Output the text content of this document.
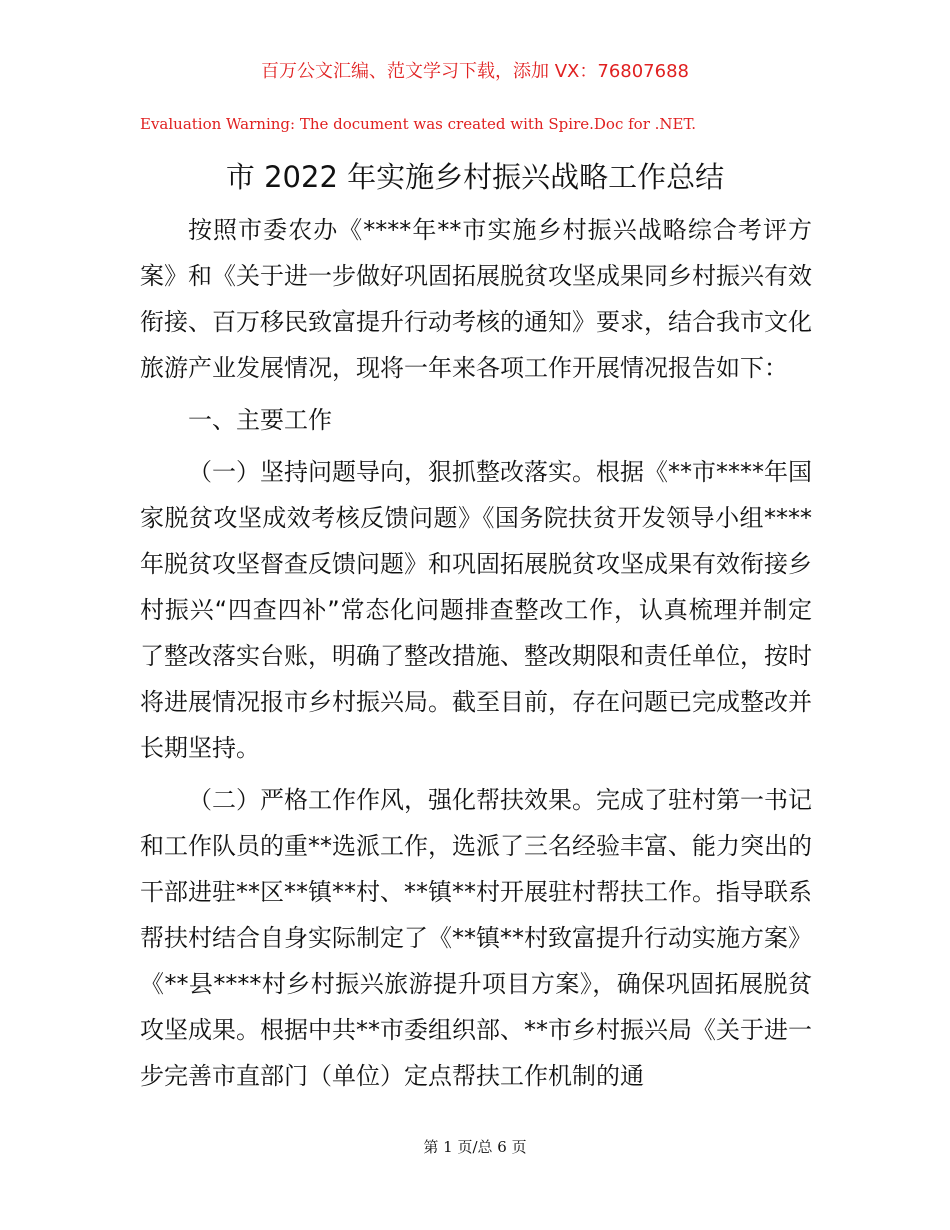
百万公文汇编、范文学习下载，添加 VX：76807688
Evaluation Warning: The document was created with Spire.Doc for .NET.
市 2022 年实施乡村振兴战略工作总结

按照市委农办《****年**市实施乡村振兴战略综合考评方案》和《关于进一步做好巩固拓展脱贫攻坚成果同乡村振兴有效衔接、百万移民致富提升行动考核的通知》要求，结合我市文化旅游产业发展情况，现将一年来各项工作开展情况报告如下：

一、主要工作

（一）坚持问题导向，狠抓整改落实。根据《**市****年国家脱贫攻坚成效考核反馈问题》《国务院扶贫开发领导小组****年脱贫攻坚督查反馈问题》和巩固拓展脱贫攻坚成果有效衔接乡村振兴“四查四补”常态化问题排查整改工作，认真梳理并制定了整改落实台账，明确了整改措施、整改期限和责任单位，按时将进展情况报市乡村振兴局。截至目前，存在问题已完成整改并长期坚持。

（二）严格工作作风，强化帮扶效果。完成了驻村第一书记和工作队员的重**选派工作，选派了三名经验丰富、能力突出的干部进驻**区**镇**村、**镇**村开展驻村帮扶工作。指导联系帮扶村结合自身实际制定了《**镇**村致富提升行动实施方案》《**县****村乡村振兴旅游提升项目方案》，确保巩固拓展脱贫攻坚成果。根据中共**市委组织部、**市乡村振兴局《关于进一步完善市直部门（单位）定点帮扶工作机制的通

第 1 页/总 6 页
